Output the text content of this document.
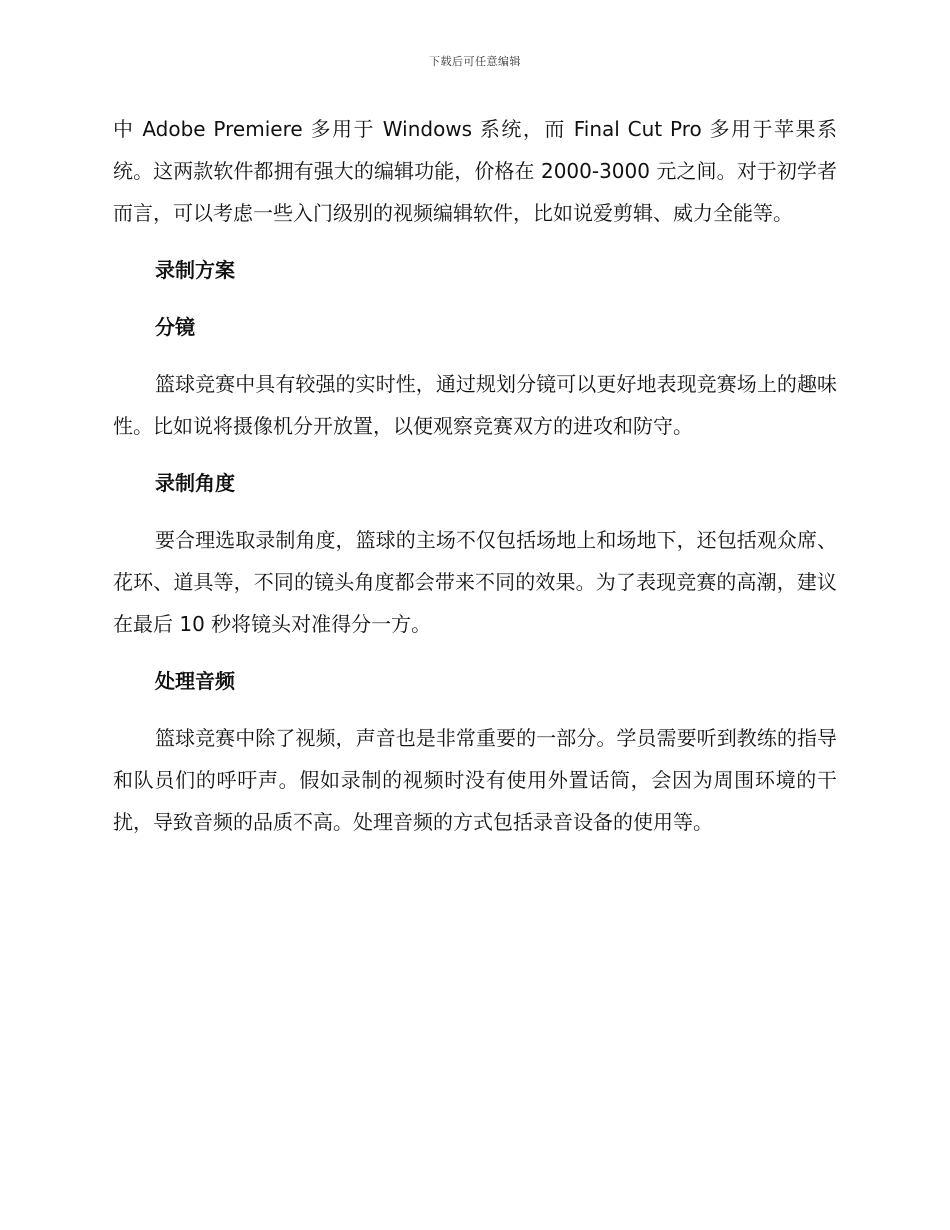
下载后可任意编辑

中 Adobe Premiere 多用于 Windows 系统，而 Final Cut Pro 多用于苹果系统。这两款软件都拥有强大的编辑功能，价格在 2000-3000 元之间。对于初学者而言，可以考虑一些入门级别的视频编辑软件，比如说爱剪辑、威力全能等。

录制方案
分镜

篮球竞赛中具有较强的实时性，通过规划分镜可以更好地表现竞赛场上的趣味性。比如说将摄像机分开放置，以便观察竞赛双方的进攻和防守。

录制角度

要合理选取录制角度，篮球的主场不仅包括场地上和场地下，还包括观众席、花环、道具等，不同的镜头角度都会带来不同的效果。为了表现竞赛的高潮，建议在最后 10 秒将镜头对准得分一方。

处理音频

篮球竞赛中除了视频，声音也是非常重要的一部分。学员需要听到教练的指导和队员们的呼吁声。假如录制的视频时没有使用外置话筒，会因为周围环境的干扰，导致音频的品质不高。处理音频的方式包括录音设备的使用等。
